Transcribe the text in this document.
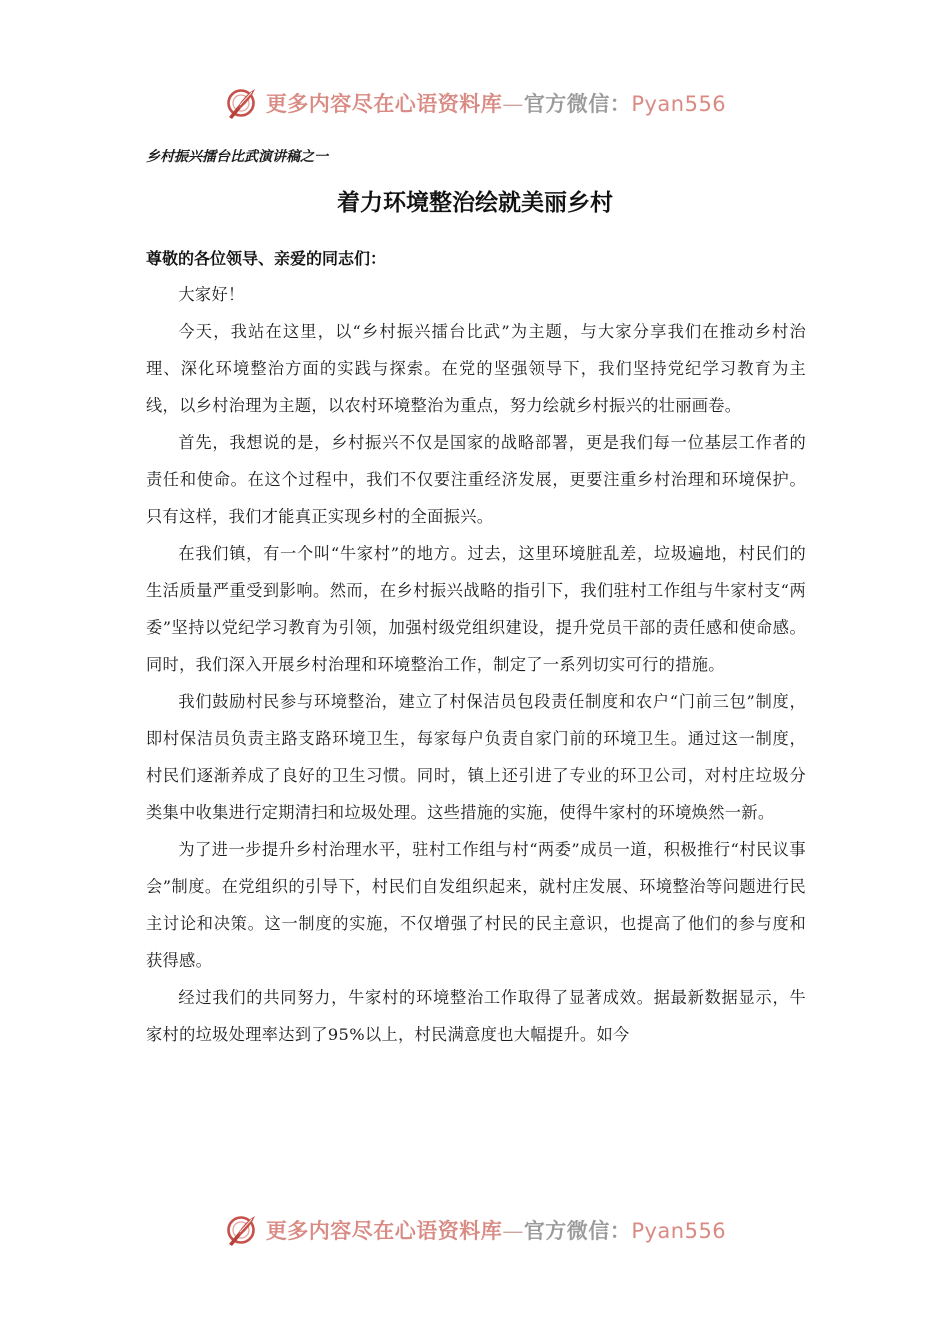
更多内容尽在心语资料库—官方微信：Pyan556
乡村振兴擂台比武演讲稿之一
着力环境整治绘就美丽乡村
尊敬的各位领导、亲爱的同志们：

大家好！

今天，我站在这里，以“乡村振兴擂台比武”为主题，与大家分享我们在推动乡村治理、深化环境整治方面的实践与探索。在党的坚强领导下，我们坚持党纪学习教育为主线，以乡村治理为主题，以农村环境整治为重点，努力绘就乡村振兴的壮丽画卷。

首先，我想说的是，乡村振兴不仅是国家的战略部署，更是我们每一位基层工作者的责任和使命。在这个过程中，我们不仅要注重经济发展，更要注重乡村治理和环境保护。只有这样，我们才能真正实现乡村的全面振兴。

在我们镇，有一个叫“牛家村”的地方。过去，这里环境脏乱差，垃圾遍地，村民们的生活质量严重受到影响。然而，在乡村振兴战略的指引下，我们驻村工作组与牛家村支“两委”坚持以党纪学习教育为引领，加强村级党组织建设，提升党员干部的责任感和使命感。同时，我们深入开展乡村治理和环境整治工作，制定了一系列切实可行的措施。

我们鼓励村民参与环境整治，建立了村保洁员包段责任制度和农户“门前三包”制度，即村保洁员负责主路支路环境卫生，每家每户负责自家门前的环境卫生。通过这一制度，村民们逐渐养成了良好的卫生习惯。同时，镇上还引进了专业的环卫公司，对村庄垃圾分类集中收集进行定期清扫和垃圾处理。这些措施的实施，使得牛家村的环境焕然一新。

为了进一步提升乡村治理水平，驻村工作组与村“两委”成员一道，积极推行“村民议事会”制度。在党组织的引导下，村民们自发组织起来，就村庄发展、环境整治等问题进行民主讨论和决策。这一制度的实施，不仅增强了村民的民主意识，也提高了他们的参与度和获得感。

经过我们的共同努力，牛家村的环境整治工作取得了显著成效。据最新数据显示，牛家村的垃圾处理率达到了95%以上，村民满意度也大幅提升。如今

更多内容尽在心语资料库—官方微信：Pyan556
